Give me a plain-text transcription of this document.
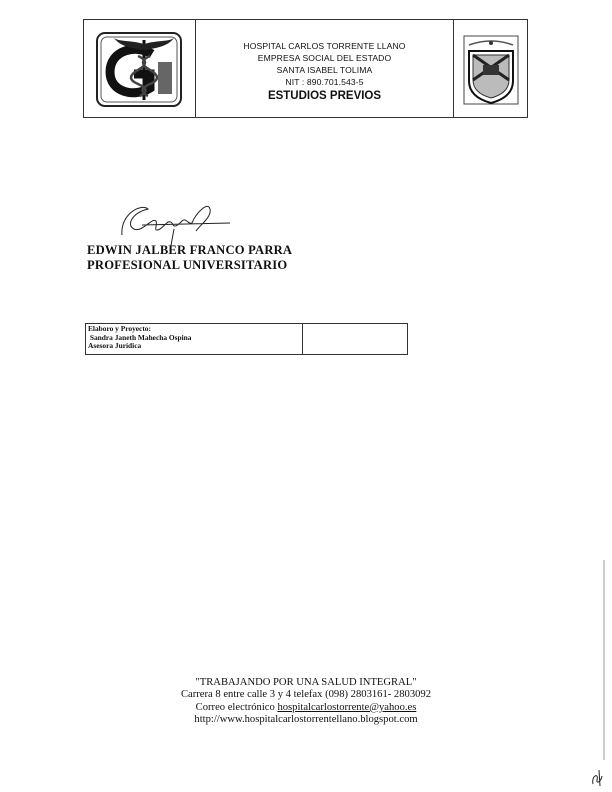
HOSPITAL CARLOS TORRENTE LLANO
EMPRESA SOCIAL DEL ESTADO
SANTA ISABEL TOLIMA
NIT : 890.701.543-5
ESTUDIOS PREVIOS
EDWIN JALBER FRANCO PARRA
PROFESIONAL UNIVERSITARIO
Elaboro y Proyecto:
Sandra Janeth Mahecha Ospina
Asesora Jurídica
"TRABAJANDO POR UNA SALUD INTEGRAL"
Carrera 8 entre calle 3 y 4 telefax (098) 2803161- 2803092
Correo electrónico hospitalcarlostorrente@yahoo.es
http://www.hospitalcarlostorrentellano.blogspot.com
